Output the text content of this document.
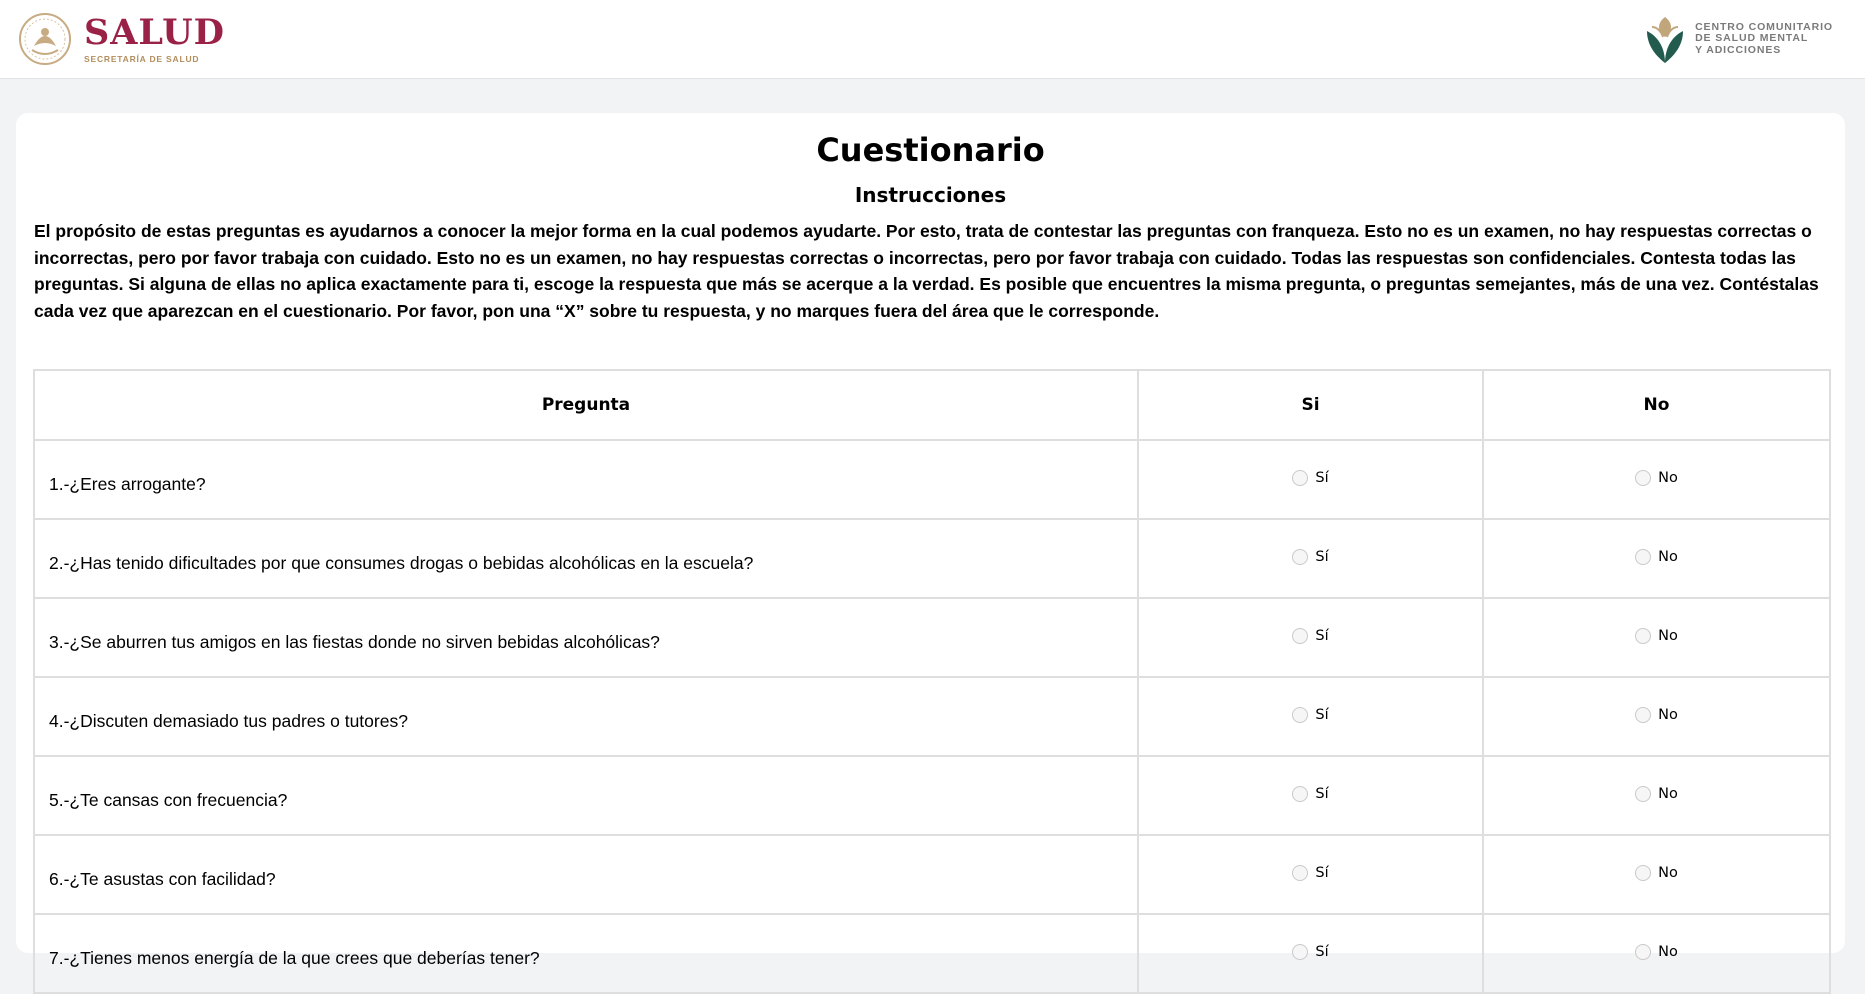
SALUD
SECRETARÍA DE SALUD
CENTRO COMUNITARIO
DE SALUD MENTAL
Y ADICCIONES
Cuestionario
Instrucciones
El propósito de estas preguntas es ayudarnos a conocer la mejor forma en la cual podemos ayudarte. Por esto, trata de contestar las preguntas con franqueza. Esto no es un examen, no hay respuestas correctas o incorrectas, pero por favor trabaja con cuidado. Esto no es un examen, no hay respuestas correctas o incorrectas, pero por favor trabaja con cuidado. Todas las respuestas son confidenciales. Contesta todas las preguntas. Si alguna de ellas no aplica exactamente para ti, escoge la respuesta que más se acerque a la verdad. Es posible que encuentres la misma pregunta, o preguntas semejantes, más de una vez. Contéstalas cada vez que aparezcan en el cuestionario. Por favor, pon una “X” sobre tu respuesta, y no marques fuera del área que le corresponde.
Pregunta	Si	No
1.-¿Eres arrogante?	Sí	No

2.-¿Has tenido dificultades por que consumes drogas o bebidas alcohólicas en la escuela?	Sí	No

3.-¿Se aburren tus amigos en las fiestas donde no sirven bebidas alcohólicas?	Sí	No

4.-¿Discuten demasiado tus padres o tutores?	Sí	No

5.-¿Te cansas con frecuencia?	Sí	No

6.-¿Te asustas con facilidad?	Sí	No

7.-¿Tienes menos energía de la que crees que deberías tener?	Sí	No
